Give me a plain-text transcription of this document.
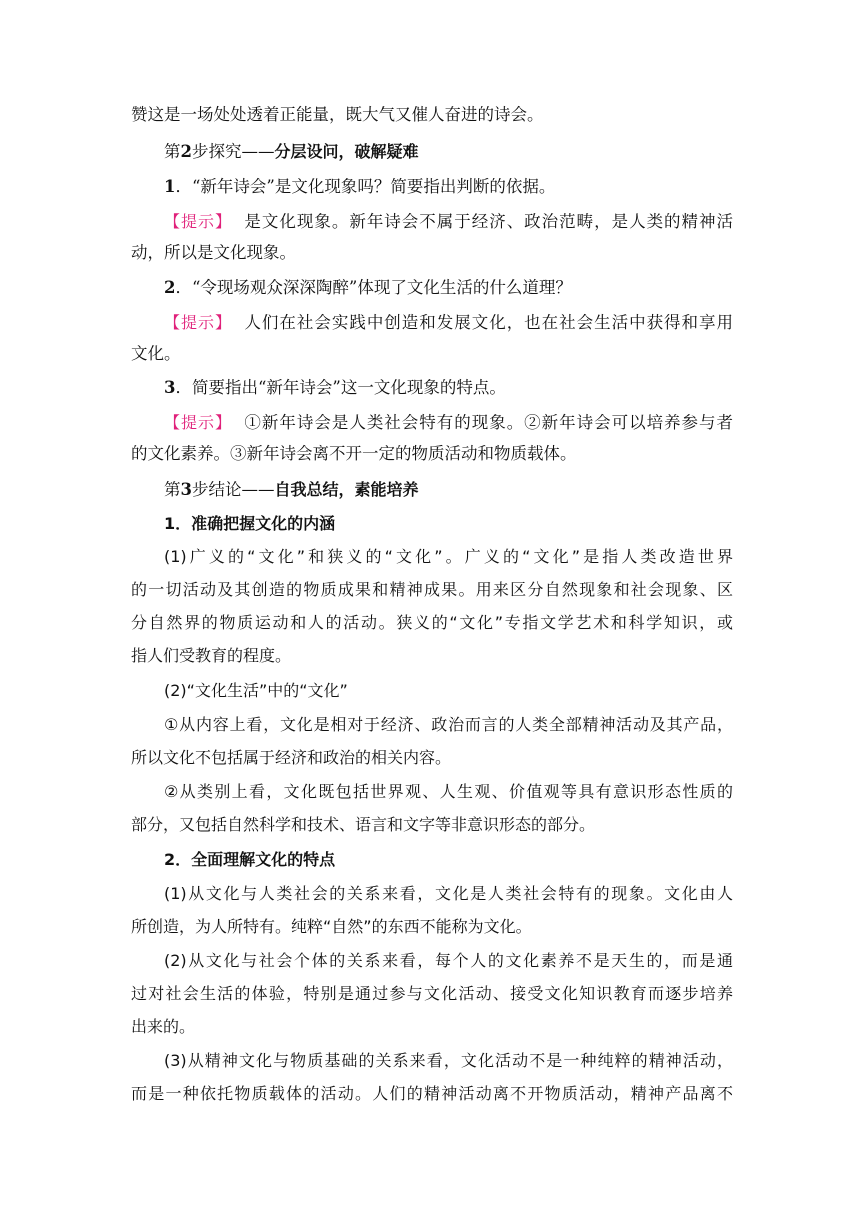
赞这是一场处处透着正能量，既大气又催人奋进的诗会。
第2步探究——分层设问，破解疑难
1．“新年诗会”是文化现象吗？简要指出判断的依据。
【提示】 是文化现象。新年诗会不属于经济、政治范畴，是人类的精神活
动，所以是文化现象。
2．“令现场观众深深陶醉”体现了文化生活的什么道理？
【提示】 人们在社会实践中创造和发展文化，也在社会生活中获得和享用
文化。
3．简要指出“新年诗会”这一文化现象的特点。
【提示】 ①新年诗会是人类社会特有的现象。②新年诗会可以培养参与者
的文化素养。③新年诗会离不开一定的物质活动和物质载体。
第3步结论——自我总结，素能培养
1．准确把握文化的内涵
(1)广义的“文化”和狭义的“文化”。广义的“文化”是指人类改造世界
的一切活动及其创造的物质成果和精神成果。用来区分自然现象和社会现象、区
分自然界的物质运动和人的活动。狭义的“文化”专指文学艺术和科学知识，或
指人们受教育的程度。
(2)“文化生活”中的“文化”
①从内容上看，文化是相对于经济、政治而言的人类全部精神活动及其产品，
所以文化不包括属于经济和政治的相关内容。
②从类别上看，文化既包括世界观、人生观、价值观等具有意识形态性质的
部分，又包括自然科学和技术、语言和文字等非意识形态的部分。
2．全面理解文化的特点
(1)从文化与人类社会的关系来看，文化是人类社会特有的现象。文化由人
所创造，为人所特有。纯粹“自然”的东西不能称为文化。
(2)从文化与社会个体的关系来看，每个人的文化素养不是天生的，而是通
过对社会生活的体验，特别是通过参与文化活动、接受文化知识教育而逐步培养
出来的。
(3)从精神文化与物质基础的关系来看，文化活动不是一种纯粹的精神活动，
而是一种依托物质载体的活动。人们的精神活动离不开物质活动，精神产品离不
